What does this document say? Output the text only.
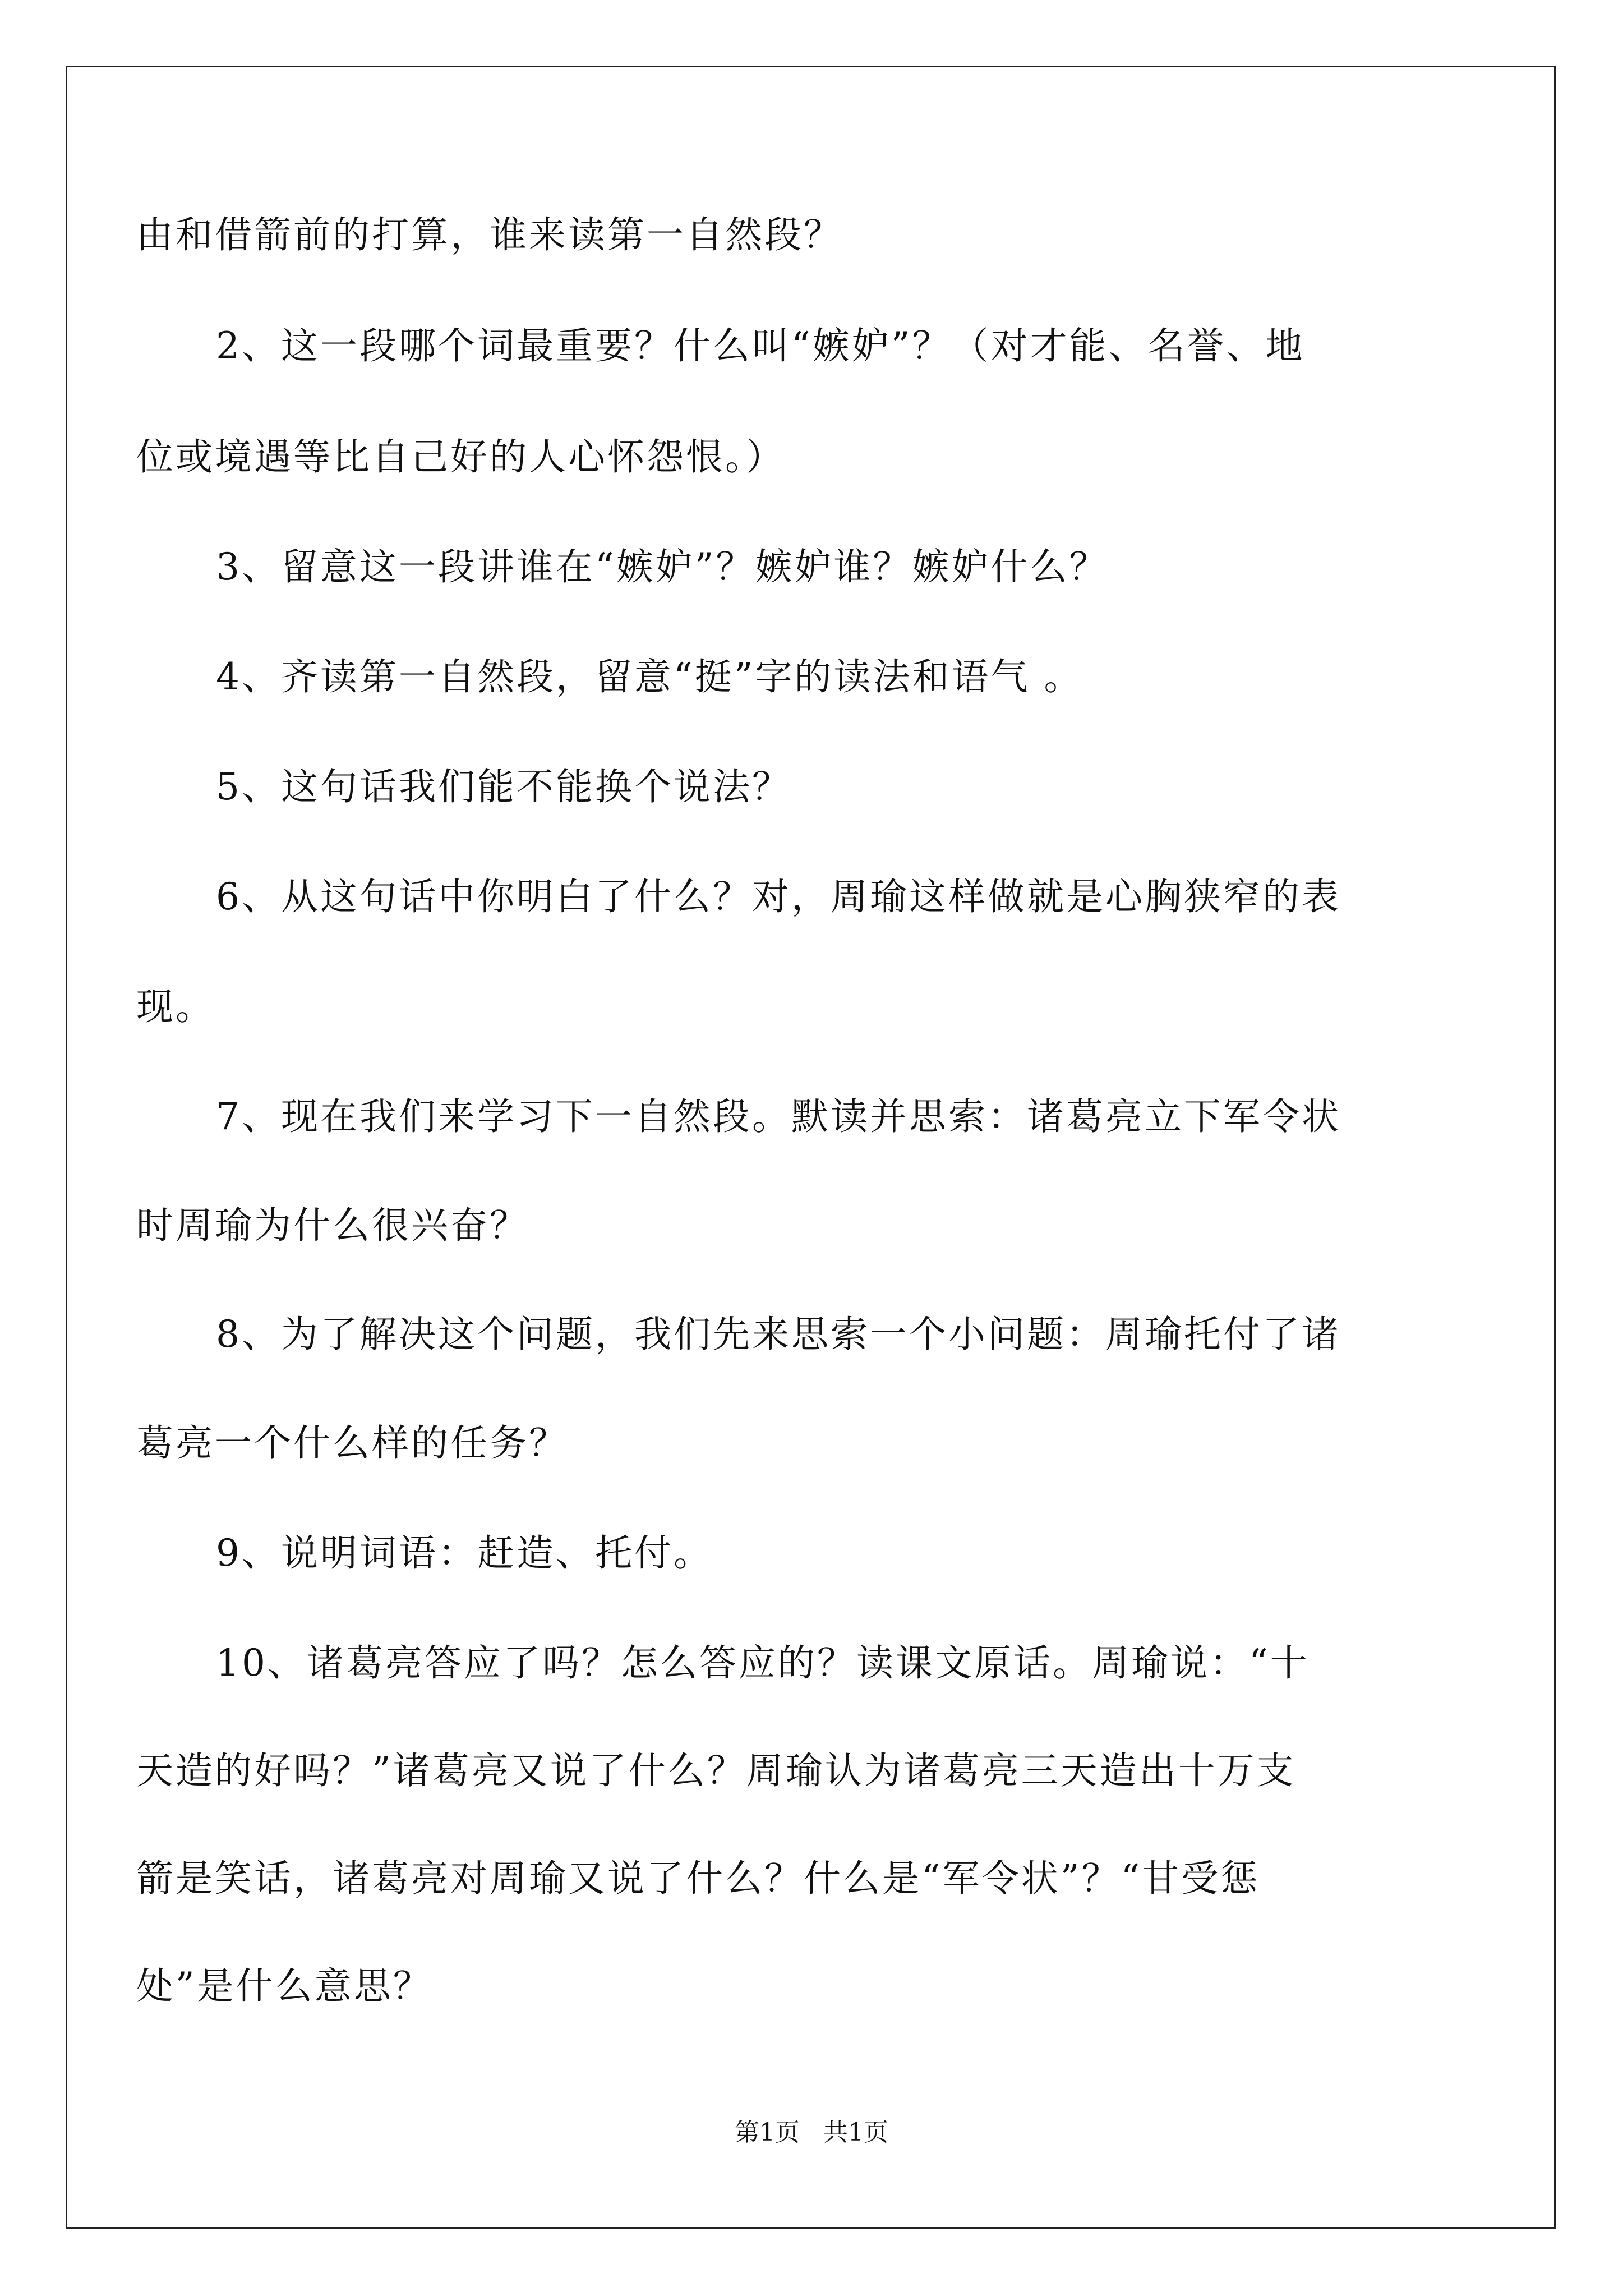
由和借箭前的打算，谁来读第一自然段？
2、这一段哪个词最重要？什么叫“嫉妒”？（对才能、名誉、地
位或境遇等比自己好的人心怀怨恨。）
3、留意这一段讲谁在“嫉妒”？嫉妒谁？嫉妒什么？
4、齐读第一自然段，留意“挺”字的读法和语气 。
5、这句话我们能不能换个说法？
6、从这句话中你明白了什么？对，周瑜这样做就是心胸狭窄的表
现。
7、现在我们来学习下一自然段。默读并思索：诸葛亮立下军令状
时周瑜为什么很兴奋？
8、为了解决这个问题，我们先来思索一个小问题：周瑜托付了诸
葛亮一个什么样的任务？
9、说明词语：赶造、托付。
10、诸葛亮答应了吗？怎么答应的？读课文原话。周瑜说：“十
天造的好吗？”诸葛亮又说了什么？周瑜认为诸葛亮三天造出十万支
箭是笑话，诸葛亮对周瑜又说了什么？什么是“军令状”？“甘受惩
处”是什么意思？
第1页 共1页
